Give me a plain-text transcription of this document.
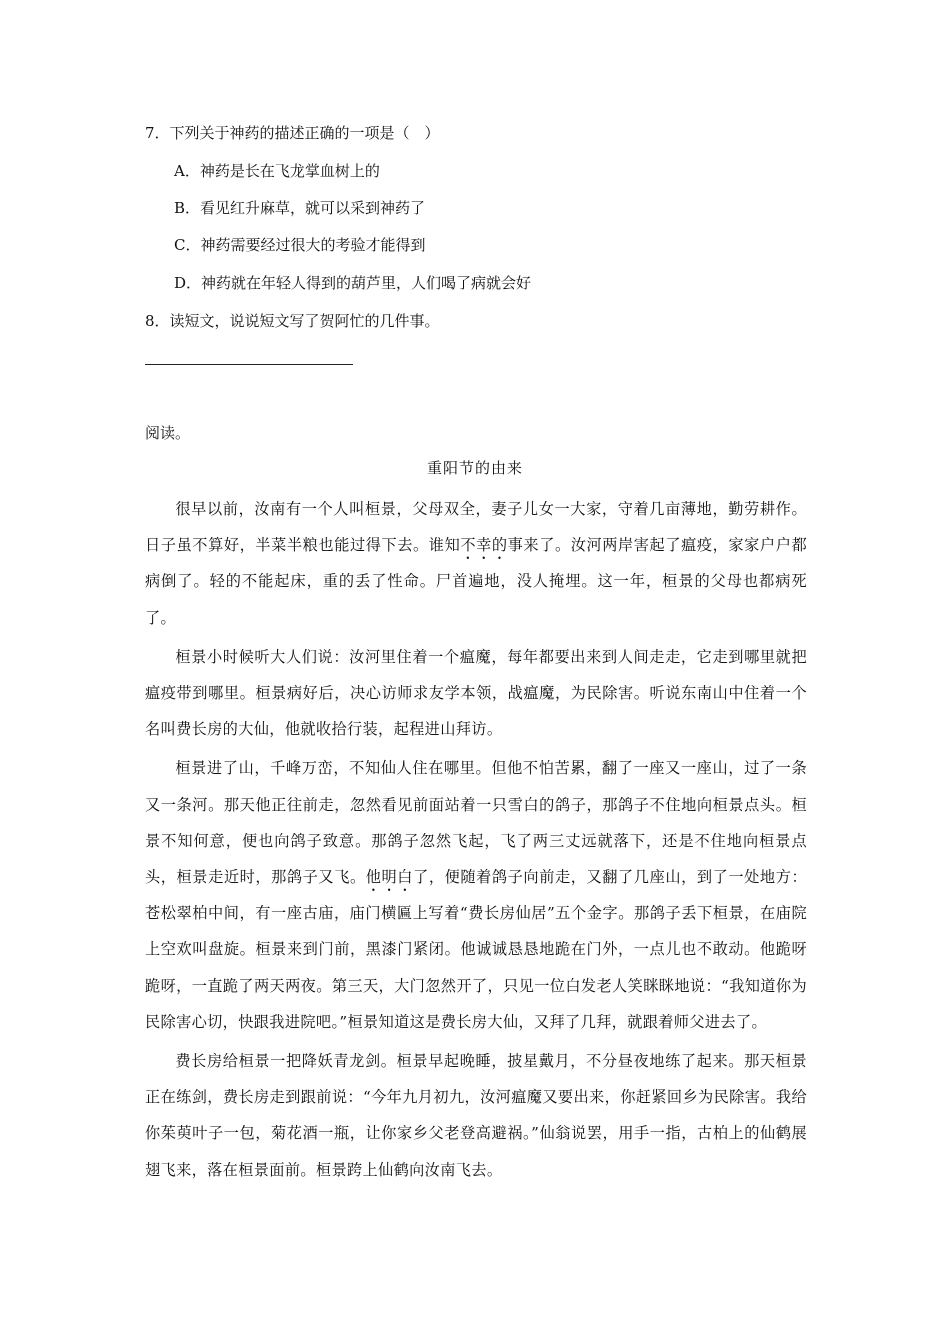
7．下列关于神药的描述正确的一项是（　）
A．神药是长在飞龙掌血树上的
B．看见红升麻草，就可以采到神药了
C．神药需要经过很大的考验才能得到
D．神药就在年轻人得到的葫芦里，人们喝了病就会好
8．读短文，说说短文写了贺阿忙的几件事。
阅读。
重阳节的由来

很早以前，汝南有一个人叫桓景，父母双全，妻子儿女一大家，守着几亩薄地，勤劳耕作。日子虽不算好，半菜半粮也能过得下去。谁知不幸的事来了。汝河两岸害起了瘟疫，家家户户都病倒了。轻的不能起床，重的丢了性命。尸首遍地，没人掩埋。这一年，桓景的父母也都病死了。

桓景小时候听大人们说：汝河里住着一个瘟魔，每年都要出来到人间走走，它走到哪里就把瘟疫带到哪里。桓景病好后，决心访师求友学本领，战瘟魔，为民除害。听说东南山中住着一个名叫费长房的大仙，他就收拾行装，起程进山拜访。

桓景进了山，千峰万峦，不知仙人住在哪里。但他不怕苦累，翻了一座又一座山，过了一条又一条河。那天他正往前走，忽然看见前面站着一只雪白的鸽子，那鸽子不住地向桓景点头。桓景不知何意，便也向鸽子致意。那鸽子忽然飞起，飞了两三丈远就落下，还是不住地向桓景点头，桓景走近时，那鸽子又飞。他明白了，便随着鸽子向前走，又翻了几座山，到了一处地方：苍松翠柏中间，有一座古庙，庙门横匾上写着“费长房仙居”五个金字。那鸽子丢下桓景，在庙院上空欢叫盘旋。桓景来到门前，黑漆门紧闭。他诚诚恳恳地跪在门外，一点儿也不敢动。他跪呀跪呀，一直跪了两天两夜。第三天，大门忽然开了，只见一位白发老人笑眯眯地说：“我知道你为民除害心切，快跟我进院吧。”桓景知道这是费长房大仙，又拜了几拜，就跟着师父进去了。

费长房给桓景一把降妖青龙剑。桓景早起晚睡，披星戴月，不分昼夜地练了起来。那天桓景正在练剑，费长房走到跟前说：“今年九月初九，汝河瘟魔又要出来，你赶紧回乡为民除害。我给你茱萸叶子一包，菊花酒一瓶，让你家乡父老登高避祸。”仙翁说罢，用手一指，古柏上的仙鹤展翅飞来，落在桓景面前。桓景跨上仙鹤向汝南飞去。
